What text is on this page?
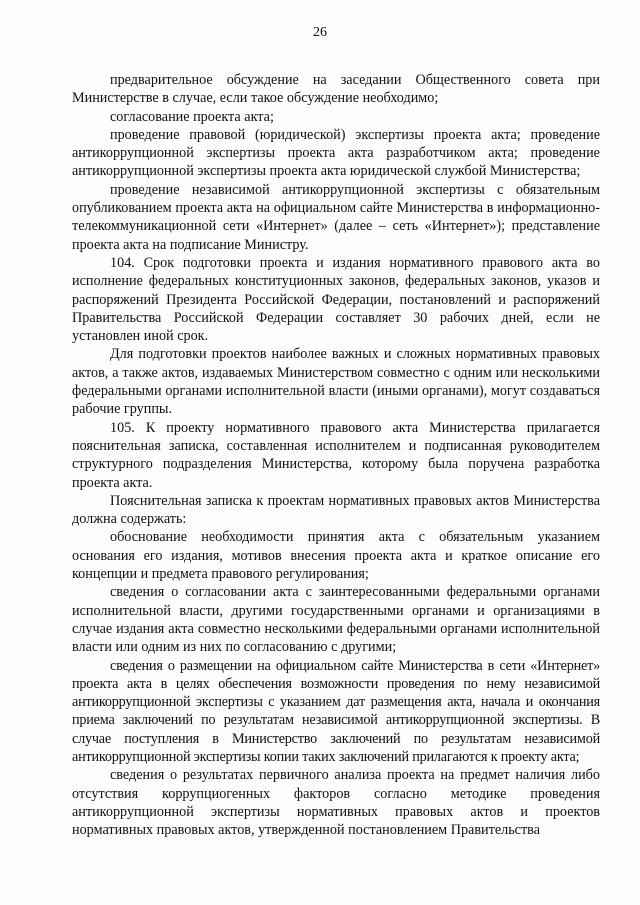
26

предварительное обсуждение на заседании Общественного совета при Министерстве в случае, если такое обсуждение необходимо;

согласование проекта акта;

проведение правовой (юридической) экспертизы проекта акта; проведение антикоррупционной экспертизы проекта акта разработчиком акта; проведение антикоррупционной экспертизы проекта акта юридической службой Министерства;

проведение независимой антикоррупционной экспертизы с обязательным опубликованием проекта акта на официальном сайте Министерства в информационно-телекоммуникационной сети «Интернет» (далее – сеть «Интернет»); представление проекта акта на подписание Министру.

104. Срок подготовки проекта и издания нормативного правового акта во исполнение федеральных конституционных законов, федеральных законов, указов и распоряжений Президента Российской Федерации, постановлений и распоряжений Правительства Российской Федерации составляет 30 рабочих дней, если не установлен иной срок.

Для подготовки проектов наиболее важных и сложных нормативных правовых актов, а также актов, издаваемых Министерством совместно с одним или несколькими федеральными органами исполнительной власти (иными органами), могут создаваться рабочие группы.

105. К проекту нормативного правового акта Министерства прилагается пояснительная записка, составленная исполнителем и подписанная руководителем структурного подразделения Министерства, которому была поручена разработка проекта акта.

Пояснительная записка к проектам нормативных правовых актов Министерства должна содержать:

обоснование необходимости принятия акта с обязательным указанием основания его издания, мотивов внесения проекта акта и краткое описание его концепции и предмета правового регулирования;

сведения о согласовании акта с заинтересованными федеральными органами исполнительной власти, другими государственными органами и организациями в случае издания акта совместно несколькими федеральными органами исполнительной власти или одним из них по согласованию с другими;

сведения о размещении на официальном сайте Министерства в сети «Интернет» проекта акта в целях обеспечения возможности проведения по нему независимой антикоррупционной экспертизы с указанием дат размещения акта, начала и окончания приема заключений по результатам независимой антикоррупционной экспертизы. В случае поступления в Министерство заключений по результатам независимой антикоррупционной экспертизы копии таких заключений прилагаются к проекту акта;

сведения о результатах первичного анализа проекта на предмет наличия либо отсутствия коррупциогенных факторов согласно методике проведения антикоррупционной экспертизы нормативных правовых актов и проектов нормативных правовых актов, утвержденной постановлением Правительства
